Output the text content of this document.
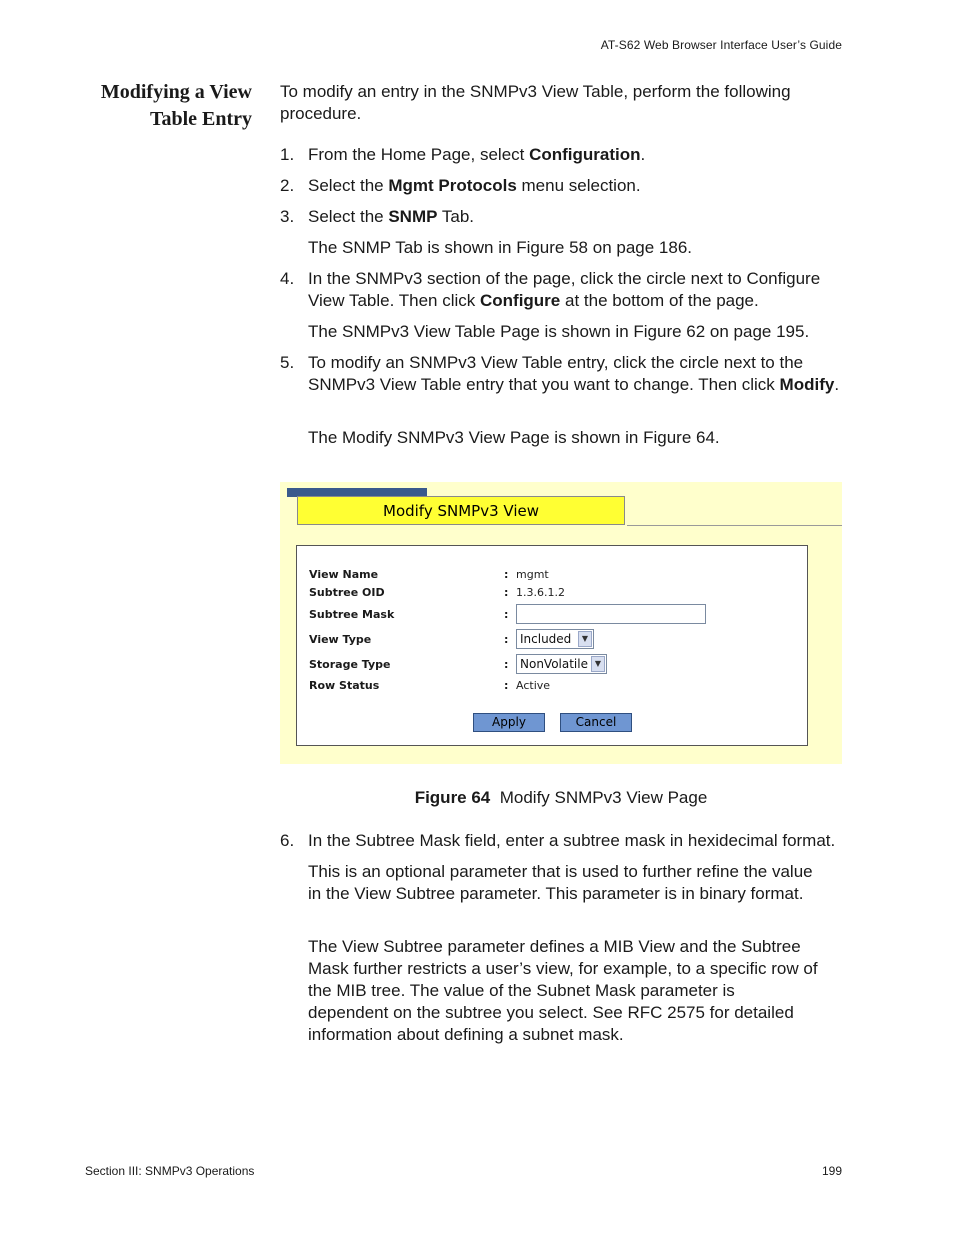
AT-S62 Web Browser Interface User’s Guide
Modifying a View
Table Entry
To modify an entry in the SNMPv3 View Table, perform the following procedure.
1. From the Home Page, select Configuration.
2. Select the Mgmt Protocols menu selection.
3. Select the SNMP Tab.
The SNMP Tab is shown in Figure 58 on page 186.
4. In the SNMPv3 section of the page, click the circle next to Configure View Table. Then click Configure at the bottom of the page.
The SNMPv3 View Table Page is shown in Figure 62 on page 195.
5. To modify an SNMPv3 View Table entry, click the circle next to the SNMPv3 View Table entry that you want to change. Then click Modify.
The Modify SNMPv3 View Page is shown in Figure 64.
Modify SNMPv3 View
View Name	: mgmt
Subtree OID	: 1.3.6.1.2
Subtree Mask	:
View Type	: Included	▼
Storage Type	: NonVolatile ▼
Row Status	: Active
Apply	Cancel
Figure 64 Modify SNMPv3 View Page
6. In the Subtree Mask field, enter a subtree mask in hexidecimal format.
This is an optional parameter that is used to further refine the value in the View Subtree parameter. This parameter is in binary format.
The View Subtree parameter defines a MIB View and the Subtree Mask further restricts a user’s view, for example, to a specific row of the MIB tree. The value of the Subnet Mask parameter is dependent on the subtree you select. See RFC 2575 for detailed information about defining a subnet mask.
Section III: SNMPv3 Operations	199
